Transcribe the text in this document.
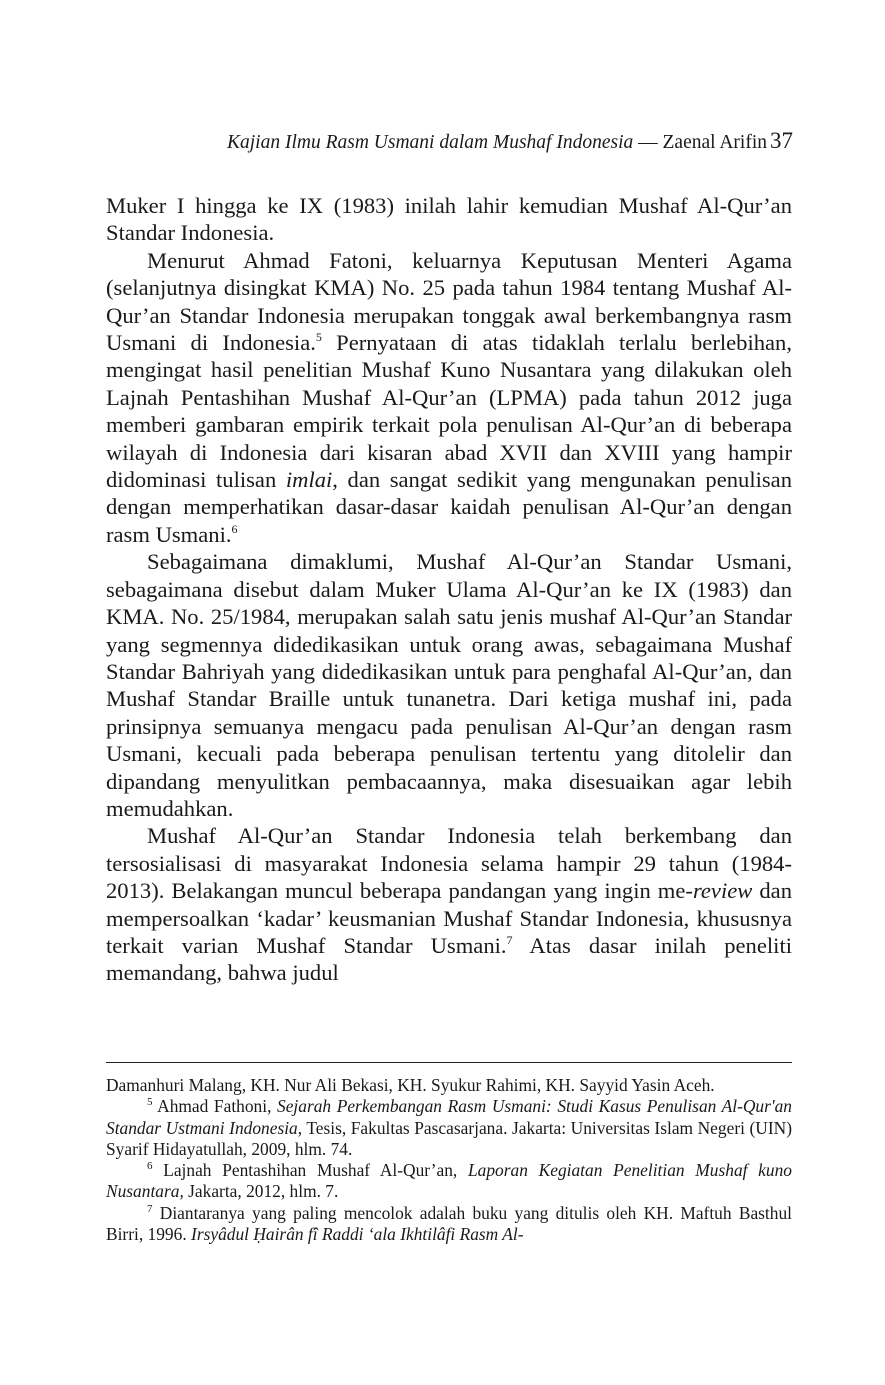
Kajian Ilmu Rasm Usmani dalam Mushaf Indonesia — Zaenal Arifin 37

Muker I hingga ke IX (1983) inilah lahir kemudian Mushaf Al-Qur’an Standar Indonesia.

Menurut Ahmad Fatoni, keluarnya Keputusan Menteri Agama (selanjutnya disingkat KMA) No. 25 pada tahun 1984 tentang Mushaf Al-Qur’an Standar Indonesia merupakan tonggak awal berkembangnya rasm Usmani di Indonesia.$^5$ Pernyataan di atas tidaklah terlalu berlebihan, mengingat hasil penelitian Mushaf Kuno Nusantara yang dilakukan oleh Lajnah Pentashihan Mushaf Al-Qur’an (LPMA) pada tahun 2012 juga memberi gambaran empirik terkait pola penulisan Al-Qur’an di beberapa wilayah di Indonesia dari kisaran abad XVII dan XVIII yang hampir didominasi tulisan imlai, dan sangat sedikit yang mengunakan penulisan dengan memperhatikan dasar-dasar kaidah penulisan Al-Qur’an dengan rasm Usmani.$^6$

Sebagaimana dimaklumi, Mushaf Al-Qur’an Standar Usmani, sebagaimana disebut dalam Muker Ulama Al-Qur’an ke IX (1983) dan KMA. No. 25/1984, merupakan salah satu jenis mushaf Al-Qur’an Standar yang segmennya didedikasikan untuk orang awas, sebagaimana Mushaf Standar Bahriyah yang didedikasikan untuk para penghafal Al-Qur’an, dan Mushaf Standar Braille untuk tunanetra. Dari ketiga mushaf ini, pada prinsipnya semuanya mengacu pada penulisan Al-Qur’an dengan rasm Usmani, kecuali pada beberapa penulisan tertentu yang ditolelir dan dipandang menyulitkan pembacaannya, maka disesuaikan agar lebih memudahkan.

Mushaf Al-Qur’an Standar Indonesia telah berkembang dan tersosialisasi di masyarakat Indonesia selama hampir 29 tahun (1984-2013). Belakangan muncul beberapa pandangan yang ingin me-review dan mempersoalkan ‘kadar’ keusmanian Mushaf Standar Indonesia, khususnya terkait varian Mushaf Standar Usmani.$^7$ Atas dasar inilah peneliti memandang, bahwa judul

Damanhuri Malang, KH. Nur Ali Bekasi, KH. Syukur Rahimi, KH. Sayyid Yasin Aceh.

$^5$ Ahmad Fathoni, Sejarah Perkembangan Rasm Usmani: Studi Kasus Penulisan Al-Qur'an Standar Ustmani Indonesia, Tesis, Fakultas Pascasarjana. Jakarta: Universitas Islam Negeri (UIN) Syarif Hidayatullah, 2009, hlm. 74.

$^6$ Lajnah Pentashihan Mushaf Al-Qur’an, Laporan Kegiatan Penelitian Mushaf kuno Nusantara, Jakarta, 2012, hlm. 7.

$^7$ Diantaranya yang paling mencolok adalah buku yang ditulis oleh KH. Maftuh Basthul Birri, 1996. Irsyâdul Ḥairân fî Raddi ‘ala Ikhtilâfi Rasm Al-
